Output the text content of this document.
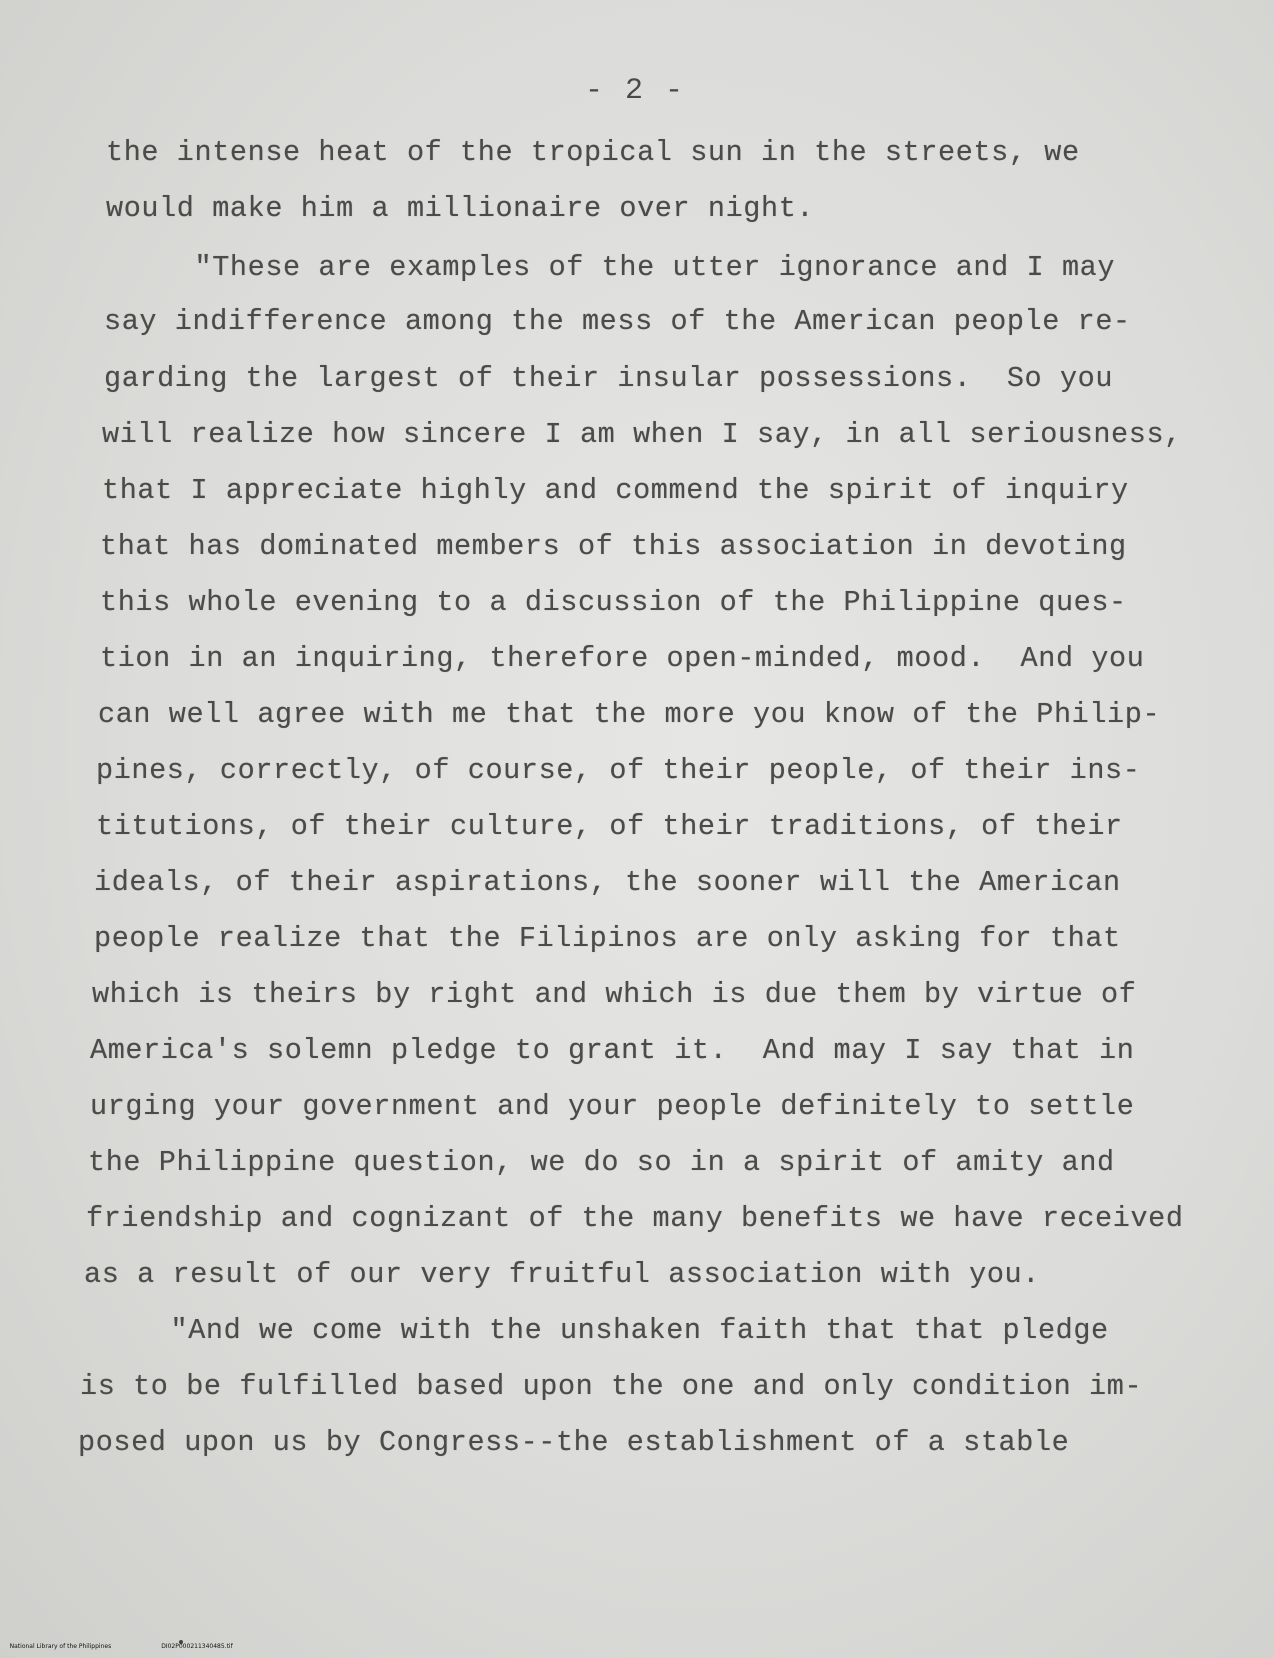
- 2 -
the intense heat of the tropical sun in the streets, we
would make him a millionaire over night.
"These are examples of the utter ignorance and I may
say indifference among the mess of the American people re-
garding the largest of their insular possessions.  So you
will realize how sincere I am when I say, in all seriousness,
that I appreciate highly and commend the spirit of inquiry
that has dominated members of this association in devoting
this whole evening to a discussion of the Philippine ques-
tion in an inquiring, therefore open-minded, mood.  And you
can well agree with me that the more you know of the Philip-
pines, correctly, of course, of their people, of their ins-
titutions, of their culture, of their traditions, of their
ideals, of their aspirations, the sooner will the American
people realize that the Filipinos are only asking for that
which is theirs by right and which is due them by virtue of
America's solemn pledge to grant it.  And may I say that in
urging your government and your people definitely to settle
the Philippine question, we do so in a spirit of amity and
friendship and cognizant of the many benefits we have received
as a result of our very fruitful association with you.
"And we come with the unshaken faith that that pledge
is to be fulfilled based upon the one and only condition im-
posed upon us by Congress--the establishment of a stable

National Library of the Philippines	DI02P000211340485.tif
